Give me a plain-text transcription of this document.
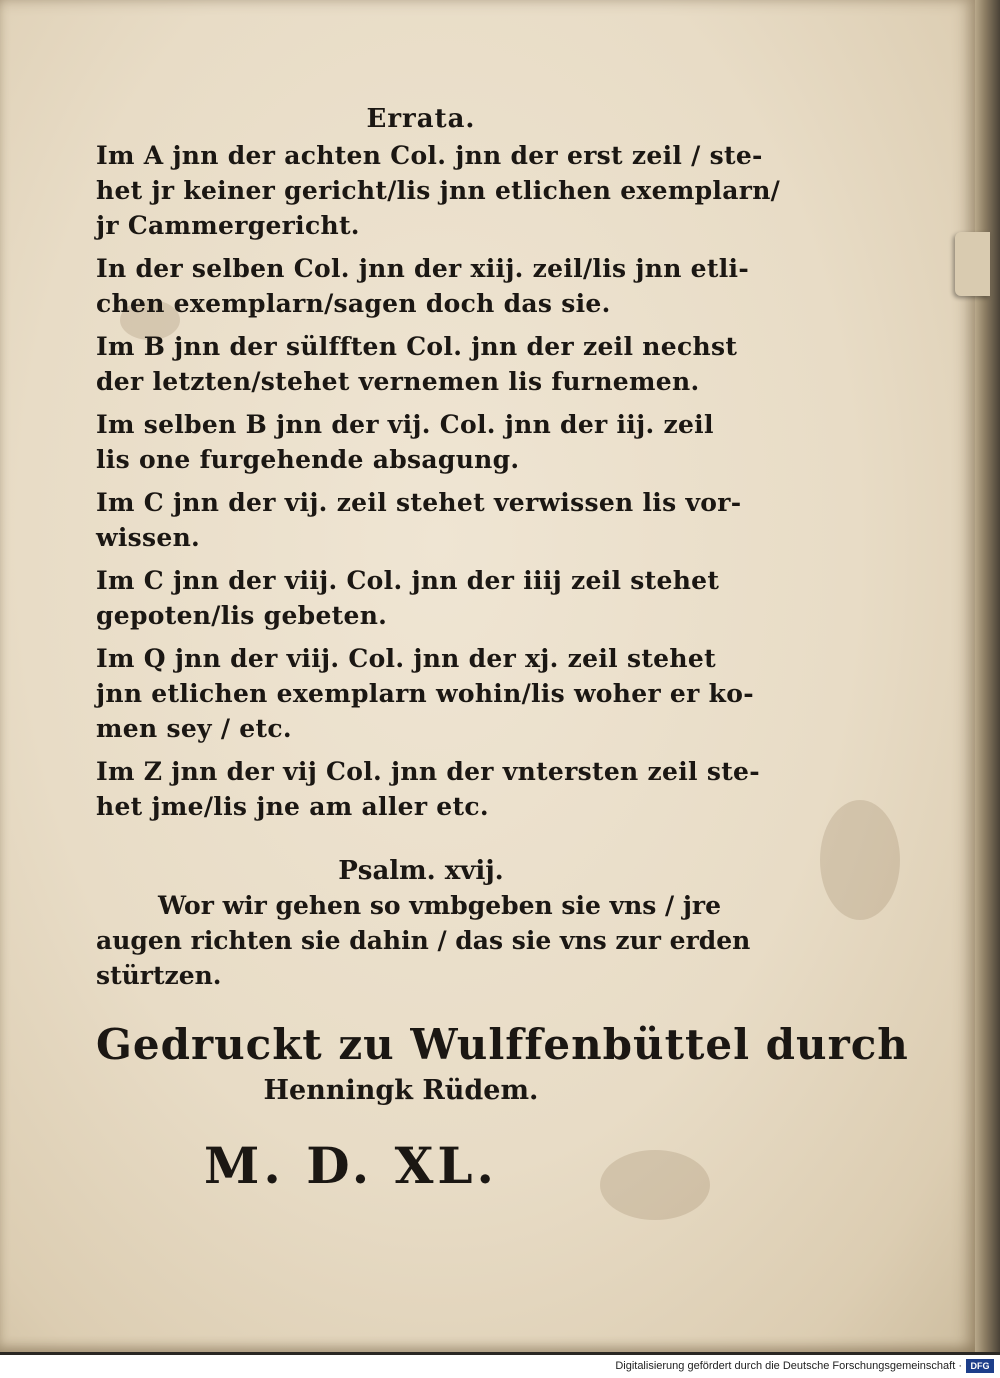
Errata.
Im A jnn der achten Col. jnn der erst zeil / ste-
het jr keiner gericht/lis jnn etlichen exemplarn/
jr Cammergericht.
In der selben Col. jnn der xiij. zeil/lis jnn etli-
chen exemplarn/sagen doch das sie.
Im B jnn der sülfften Col. jnn der zeil nechst
der letzten/stehet vernemen lis furnemen.
Im selben B jnn der vij. Col. jnn der iij. zeil
lis one furgehende absagung.
Im C jnn der vij. zeil stehet verwissen lis vor-
wissen.
Im C jnn der viij. Col. jnn der iiij zeil stehet
gepoten/lis gebeten.
Im Q jnn der viij. Col. jnn der xj. zeil stehet
jnn etlichen exemplarn wohin/lis woher er ko-
men sey / etc.
Im Z jnn der vij Col. jnn der vntersten zeil ste-
het jme/lis jne am aller etc.
Psalm. xvij.
Wor wir gehen so vmbgeben sie vns / jre
augen richten sie dahin / das sie vns zur erden
stürtzen.
Gedruckt zu Wulffenbüttel durch
Henningk Rüdem.
M. D. XL.
Digitalisierung gefördert durch die Deutsche Forschungsgemeinschaft · DFG
